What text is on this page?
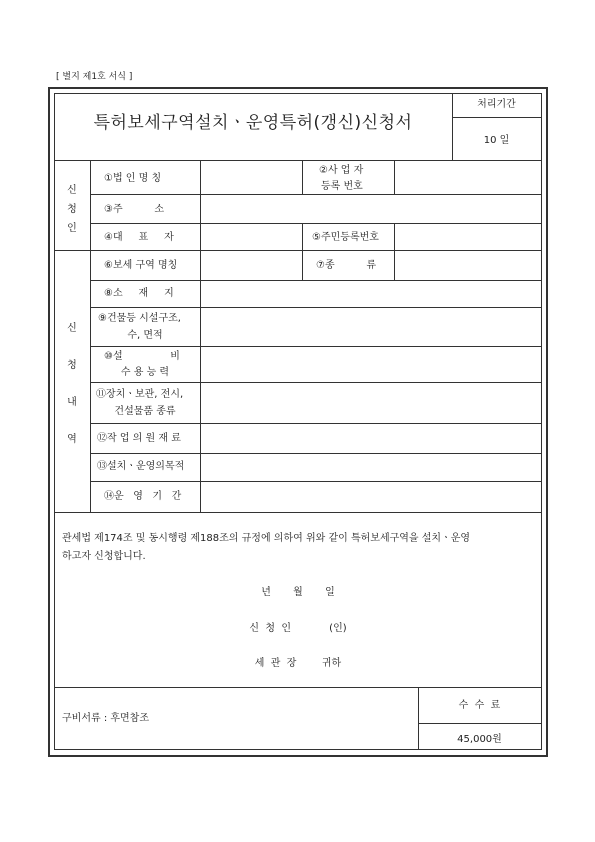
[ 별지 제1호 서식 ]
특허보세구역설치ㆍ운영특허(갱신)신청서
처리기간
10 일
신
청
인
①법 인 명 칭
②사 업 자
등록 번호
③주          소
④대     표     자	⑤주민등록번호
신
청
내
역
⑥보세 구역 명칭	⑦종          류
⑧소     재     지
⑨건물등 시설구조,
수, 면적
⑩설               비
수 용 능 력
⑪장치ㆍ보관, 전시,
건설물품 종류
⑫작 업 의 원 재 료
⑬설치ㆍ운영의목적
⑭운   영   기   간
관세법 제174조 및 동시행령 제188조의 규정에 의하여 위와 같이 특허보세구역을 설치ㆍ운영
하고자 신청합니다.
년       월       일
신  청  인            (인)
세  관  장        귀하
구비서류 : 후면참조
수  수  료
45,000원
